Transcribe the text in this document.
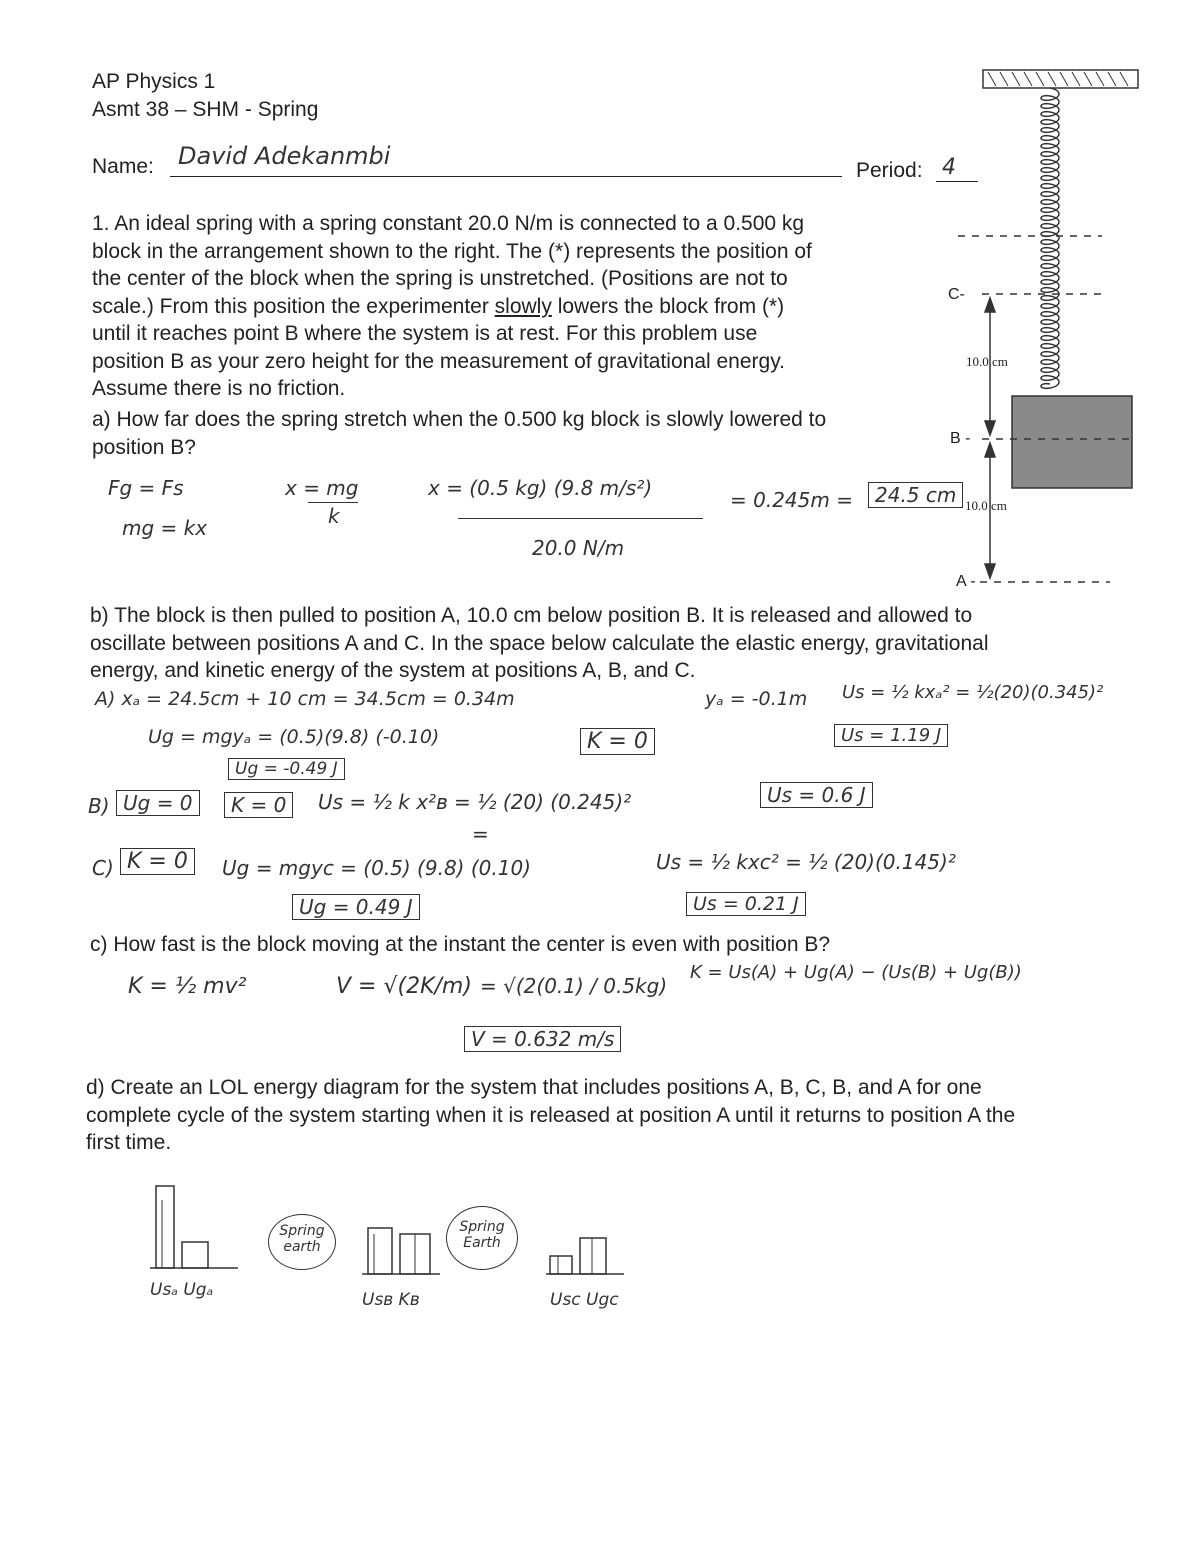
AP Physics 1
Asmt 38 – SHM - Spring
Name: David Adekanmbi
Period: 4
1. An ideal spring with a spring constant 20.0 N/m is connected to a 0.500 kg
block in the arrangement shown to the right. The (*) represents the position of
the center of the block when the spring is unstretched. (Positions are not to
scale.) From this position the experimenter slowly lowers the block from (*)
until it reaches point B where the system is at rest. For this problem use
position B as your zero height for the measurement of gravitational energy.
Assume there is no friction.
a) How far does the spring stretch when the 0.500 kg block is slowly lowered to
position B?
C-
B -
A -
10.0 cm
10.0 cm
Fg = Fs
mg = kx
x = mg
k
x = (0.5 kg) (9.8 m/s²)
20.0 N/m
= 0.245m =	24.5 cm
b) The block is then pulled to position A, 10.0 cm below position B. It is released and allowed to
oscillate between positions A and C. In the space below calculate the elastic energy, gravitational
energy, and kinetic energy of the system at positions A, B, and C.
A) xₐ = 24.5cm + 10 cm = 34.5cm = 0.34m	yₐ = -0.1m Us = ½ kxₐ² = ½(20)(0.345)²
Us = 1.19 J
Ug = mgyₐ = (0.5)(9.8) (-0.10)
Ug = -0.49 J
K = 0
B) Ug = 0	K = 0	Us = ½ k x²ʙ = ½ (20) (0.245)²
=
Us = 0.6 J
C) K = 0	Ug = mgyc = (0.5) (9.8) (0.10)
Ug = 0.49 J
Us = ½ kxc² = ½ (20)(0.145)²
Us = 0.21 J
c) How fast is the block moving at the instant the center is even with position B?
K = ½ mv²	V = √(2K/m) = √(2(0.1) / 0.5kg)
K = Us(A) + Ug(A) − (Us(B) + Ug(B))
V = 0.632 m/s
d) Create an LOL energy diagram for the system that includes positions A, B, C, B, and A for one
complete cycle of the system starting when it is released at position A until it returns to position A the
first time.
Spring earth
Usₐ Ugₐ
Spring Earth
Usʙ Kʙ	Usc Ugc
